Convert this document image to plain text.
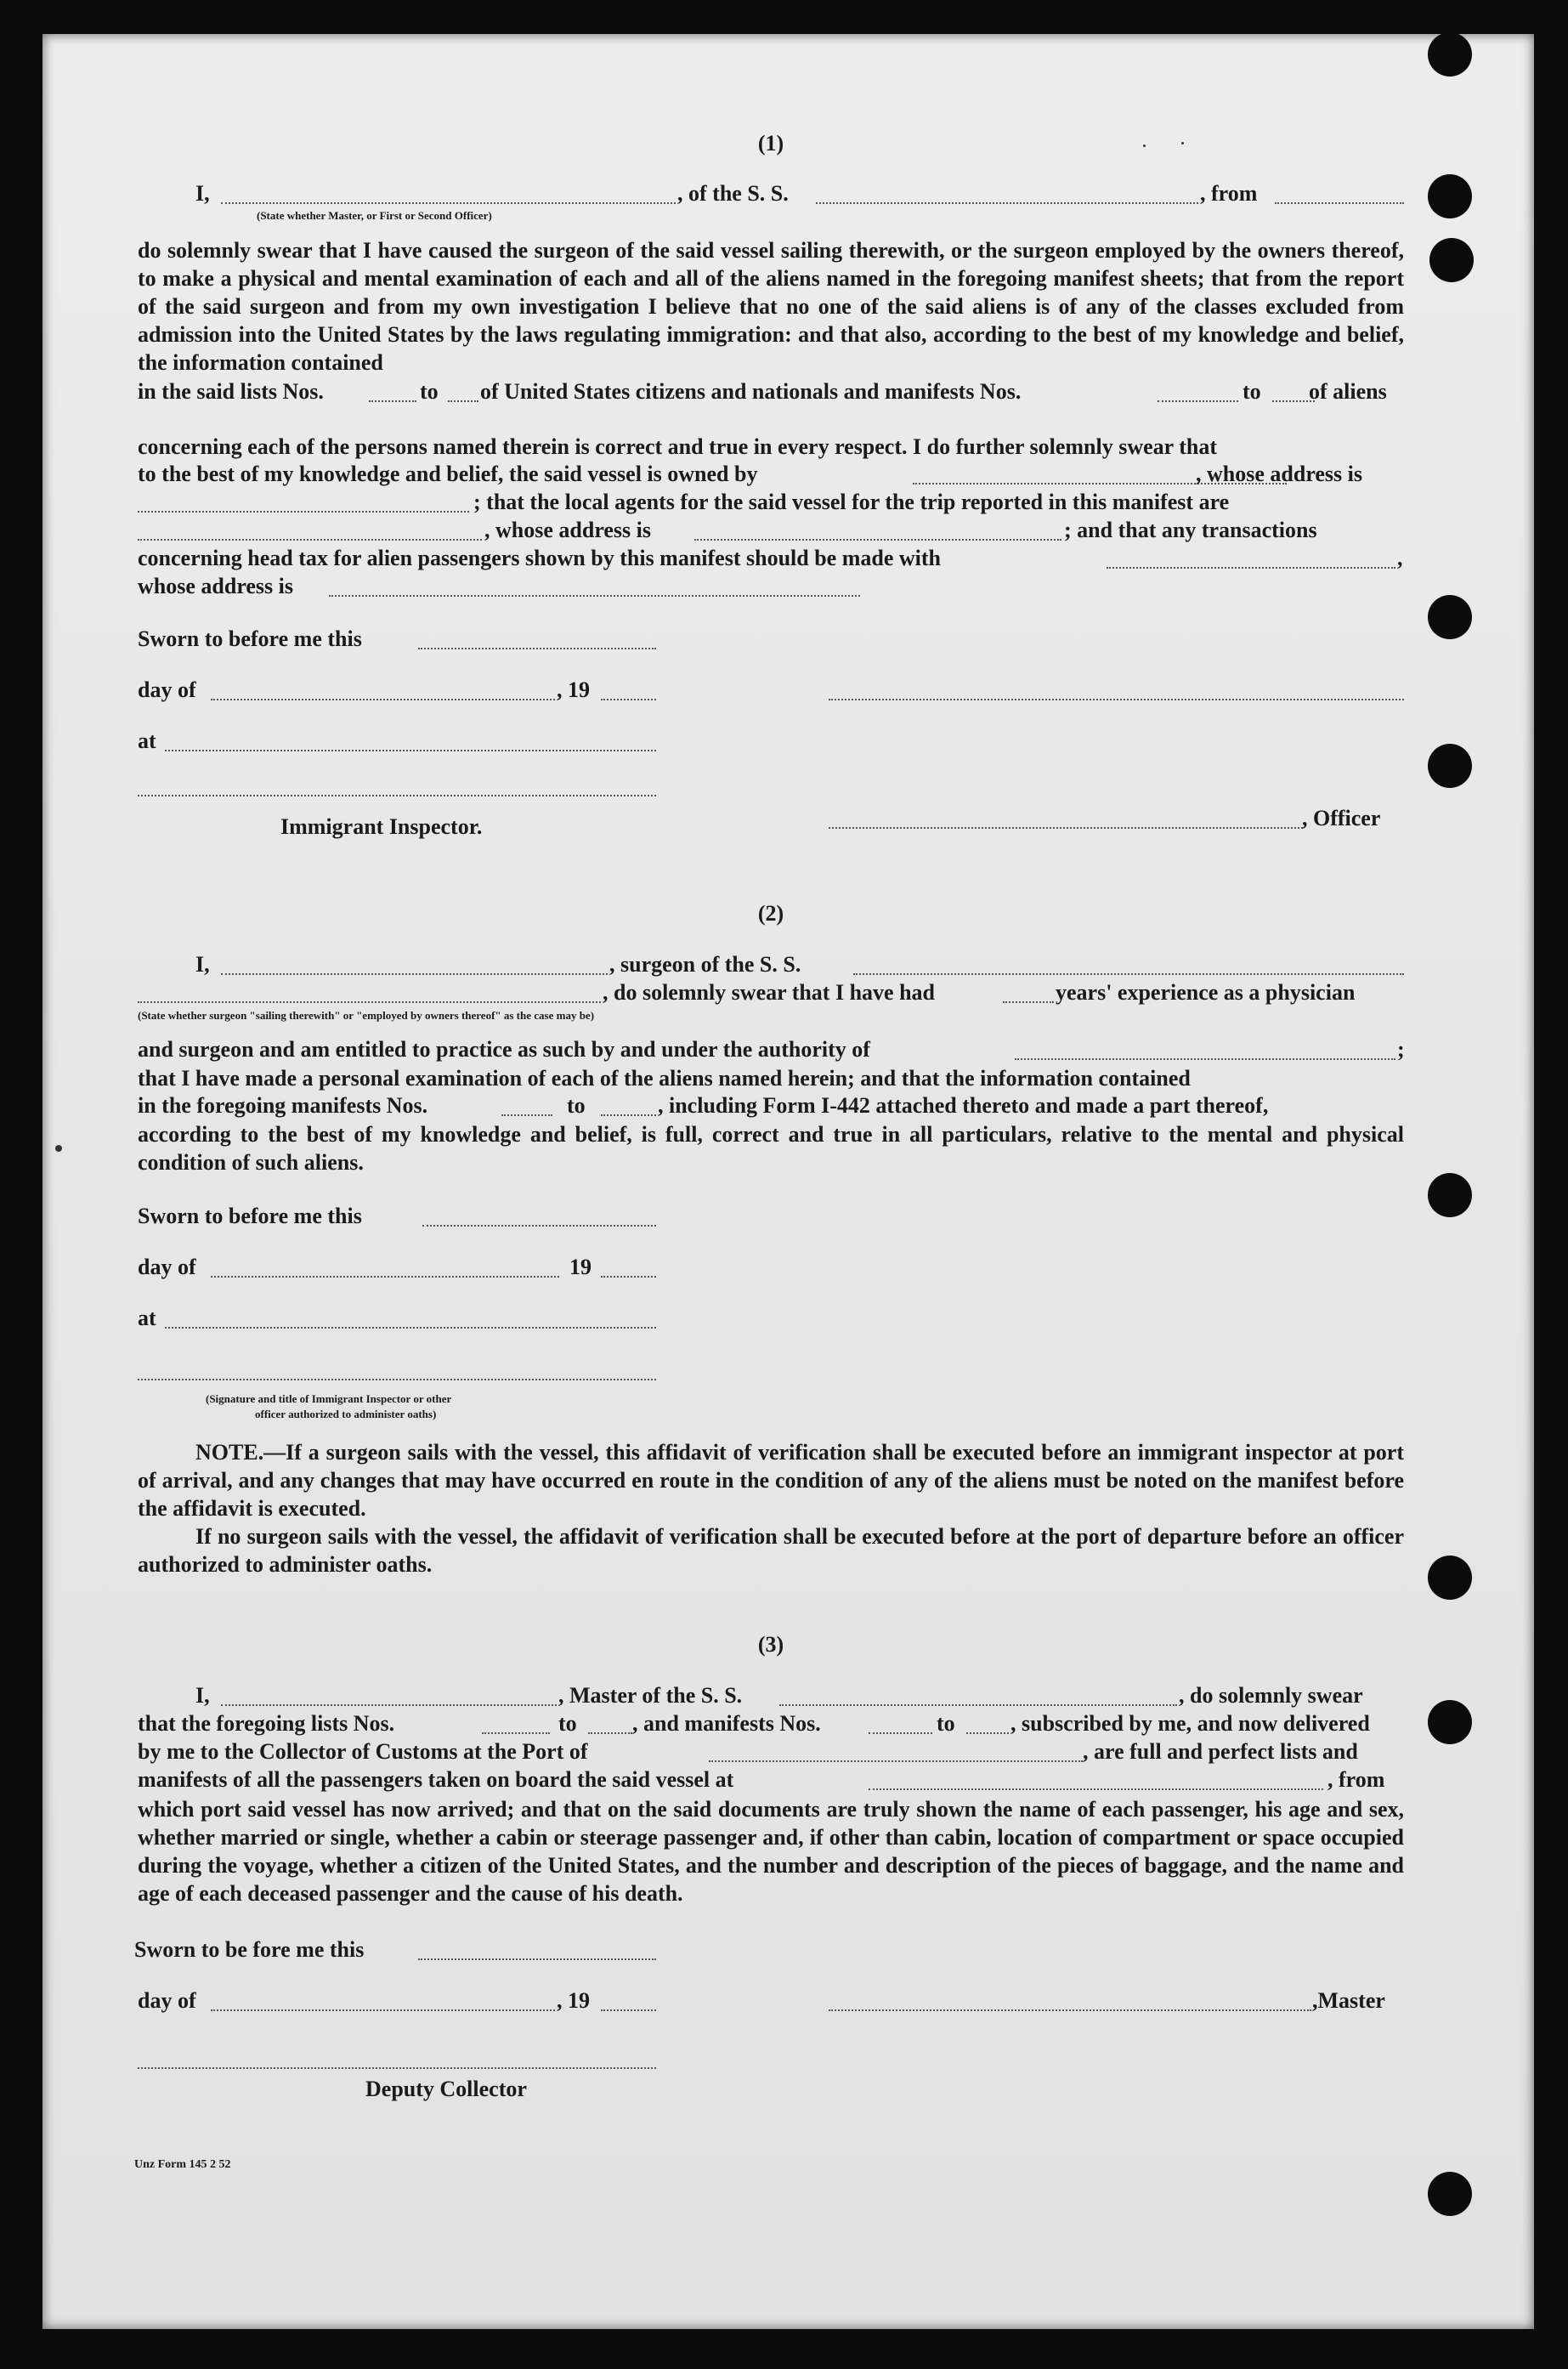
(1)
I,	, of the S. S.	, from
(State whether Master, or First or Second Officer)
do solemnly swear that I have caused the surgeon of the said vessel sailing therewith, or the surgeon employed by the owners thereof, to make a physical and mental examination of each and all of the aliens named in the foregoing manifest sheets; that from the report of the said surgeon and from my own investigation I believe that no one of the said aliens is of any of the classes excluded from admission into the United States by the laws regulating immigration: and that also, according to the best of my knowledge and belief, the information contained
in the said lists Nos.	to of United States citizens and nationals and manifests Nos.	to of aliens
concerning each of the persons named therein is correct and true in every respect. I do further solemnly swear that
to the best of my knowledge and belief, the said vessel is owned by	, whose address is
; that the local agents for the said vessel for the trip reported in this manifest are
, whose address is	; and that any transactions
concerning head tax for alien passengers shown by this manifest should be made with	,
whose address is
Sworn to before me this
day of	, 19
at
Immigrant Inspector.	, Officer
(2)
I,	, surgeon of the S. S.
, do solemnly swear that I have had	years' experience as a physician
(State whether surgeon "sailing therewith" or "employed by owners thereof" as the case may be)
and surgeon and am entitled to practice as such by and under the authority of	;
that I have made a personal examination of each of the aliens named herein; and that the information contained
in the foregoing manifests Nos.	to	, including Form I-442 attached thereto and made a part thereof,
according to the best of my knowledge and belief, is full, correct and true in all particulars, relative to the mental and physical condition of such aliens.
Sworn to before me this
day of	19
at
(Signature and title of Immigrant Inspector or other
officer authorized to administer oaths)
NOTE.—If a surgeon sails with the vessel, this affidavit of verification shall be executed before an immigrant inspector at port of arrival, and any changes that may have occurred en route in the condition of any of the aliens must be noted on the manifest before the affidavit is executed.
If no surgeon sails with the vessel, the affidavit of verification shall be executed before at the port of departure before an officer authorized to administer oaths.
(3)
I,	, Master of the S. S.	, do solemnly swear
that the foregoing lists Nos.	to	, and manifests Nos.	to	, subscribed by me, and now delivered
by me to the Collector of Customs at the Port of	, are full and perfect lists and
manifests of all the passengers taken on board the said vessel at	, from
which port said vessel has now arrived; and that on the said documents are truly shown the name of each passenger, his age and sex, whether married or single, whether a cabin or steerage passenger and, if other than cabin, location of compartment or space occupied during the voyage, whether a citizen of the United States, and the number and description of the pieces of baggage, and the name and age of each deceased passenger and the cause of his death.
Sworn to be fore me this
day of	, 19	,Master
Deputy Collector
Unz Form 145 2 52
